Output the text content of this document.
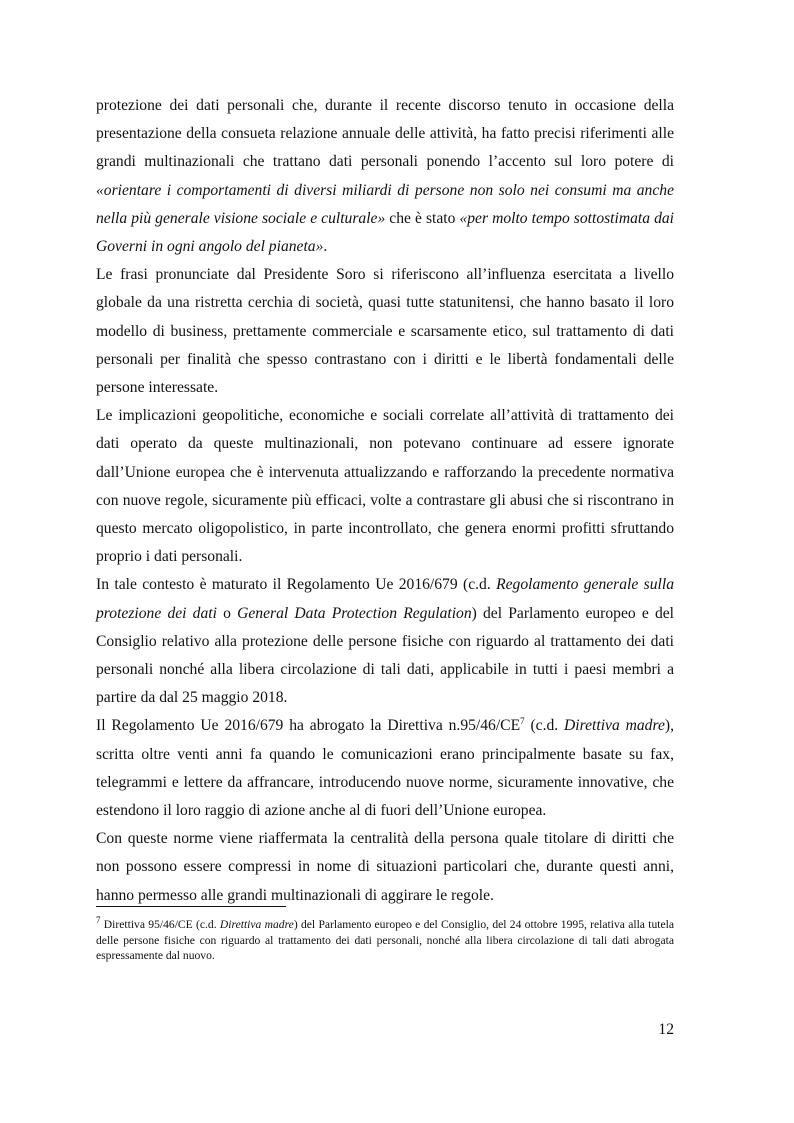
protezione dei dati personali che, durante il recente discorso tenuto in occasione della presentazione della consueta relazione annuale delle attività, ha fatto precisi riferimenti alle grandi multinazionali che trattano dati personali ponendo l’accento sul loro potere di «orientare i comportamenti di diversi miliardi di persone non solo nei consumi ma anche nella più generale visione sociale e culturale» che è stato «per molto tempo sottostimata dai Governi in ogni angolo del pianeta».

Le frasi pronunciate dal Presidente Soro si riferiscono all’influenza esercitata a livello globale da una ristretta cerchia di società, quasi tutte statunitensi, che hanno basato il loro modello di business, prettamente commerciale e scarsamente etico, sul trattamento di dati personali per finalità che spesso contrastano con i diritti e le libertà fondamentali delle persone interessate.

Le implicazioni geopolitiche, economiche e sociali correlate all’attività di trattamento dei dati operato da queste multinazionali, non potevano continuare ad essere ignorate dall’Unione europea che è intervenuta attualizzando e rafforzando la precedente normativa con nuove regole, sicuramente più efficaci, volte a contrastare gli abusi che si riscontrano in questo mercato oligopolistico, in parte incontrollato, che genera enormi profitti sfruttando proprio i dati personali.

In tale contesto è maturato il Regolamento Ue 2016/679 (c.d. Regolamento generale sulla protezione dei dati o General Data Protection Regulation) del Parlamento europeo e del Consiglio relativo alla protezione delle persone fisiche con riguardo al trattamento dei dati personali nonché alla libera circolazione di tali dati, applicabile in tutti i paesi membri a partire da dal 25 maggio 2018.

Il Regolamento Ue 2016/679 ha abrogato la Direttiva $n.95/46/CE^7$ (c.d. Direttiva madre), scritta oltre venti anni fa quando le comunicazioni erano principalmente basate su fax, telegrammi e lettere da affrancare, introducendo nuove norme, sicuramente innovative, che estendono il loro raggio di azione anche al di fuori dell’Unione europea.

Con queste norme viene riaffermata la centralità della persona quale titolare di diritti che non possono essere compressi in nome di situazioni particolari che, durante questi anni, hanno permesso alle grandi multinazionali di aggirare le regole.

$^7$ Direttiva 95/46/CE (c.d. Direttiva madre) del Parlamento europeo e del Consiglio, del 24 ottobre 1995, relativa alla tutela delle persone fisiche con riguardo al trattamento dei dati personali, nonché alla libera circolazione di tali dati abrogata espressamente dal nuovo.

12
